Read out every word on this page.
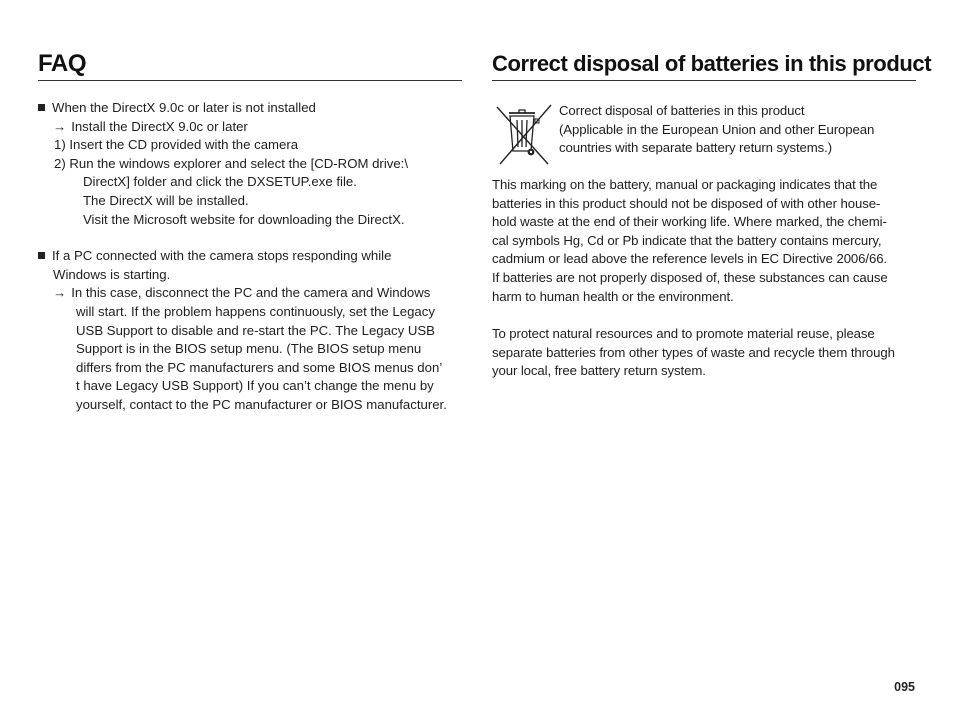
FAQ
When the DirectX 9.0c or later is not installed
→ Install the DirectX 9.0c or later
1) Insert the CD provided with the camera
2) Run the windows explorer and select the [CD-ROM drive:\
DirectX] folder and click the DXSETUP.exe file.
The DirectX will be installed.
Visit the Microsoft website for downloading the DirectX.
If a PC connected with the camera stops responding while
Windows is starting.
→ In this case, disconnect the PC and the camera and Windows
will start. If the problem happens continuously, set the Legacy
USB Support to disable and re-start the PC. The Legacy USB
Support is in the BIOS setup menu. (The BIOS setup menu
differs from the PC manufacturers and some BIOS menus don’
t have Legacy USB Support) If you can’t change the menu by
yourself, contact to the PC manufacturer or BIOS manufacturer.
Correct disposal of batteries in this product
Correct disposal of batteries in this product
(Applicable in the European Union and other European
countries with separate battery return systems.)
This marking on the battery, manual or packaging indicates that the
batteries in this product should not be disposed of with other house-
hold waste at the end of their working life. Where marked, the chemi-
cal symbols Hg, Cd or Pb indicate that the battery contains mercury,
cadmium or lead above the reference levels in EC Directive 2006/66.
If batteries are not properly disposed of, these substances can cause
harm to human health or the environment.
To protect natural resources and to promote material reuse, please
separate batteries from other types of waste and recycle them through
your local, free battery return system.
095
